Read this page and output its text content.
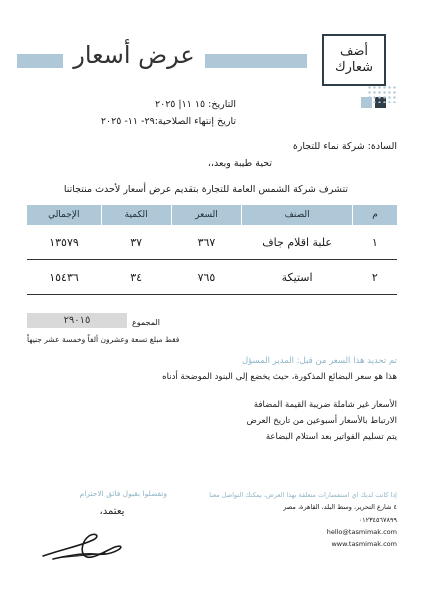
عرض أسعار	أضف
شعارك
التاريخ: ١٥ ١١| ٢٠٢٥
تاريخ إنتهاء الصلاحية:٢٩- ١١- ٢٠٢٥
السادة: شركة نماء للتجارة
تحية طيبة وبعد،،
تتشرف شركة الشمس العامة للتجارة بتقديم عرض أسعار لأحدث منتجاتنا
م	الصنف	السعر	الكمية	الإجمالي
١	علبة اقلام جاف	٣٦٧	٣٧	١٣٥٧٩
٢	استيكة	٧٦٥	٣٤	١٥٤٣٦
المجموع
٢٩٠١٥
فقط مبلغ تسعة وعشرون ألفاً وخمسة عشر جنيهاً
تم تحديد هذا السعر من قبل: المدير المسؤل
هذا هو سعر البضائع المذكورة، حيث يخضع إلى البنود الموضحة أدناه
الأسعار غير شاملة ضريبة القيمة المضافة
الارتباط بالأسعار أسبوعين من تاريخ العرض
يتم تسليم الفواتير بعد استلام البضاعة
وتفضلوا بقبول فائق الاحترام
يعتمد،
إذا كانت لديك اي استفسارات متعلقة بهذا العرض، يمكنك التواصل معنا
٤ شارع التحرير، وسط البلد، القاهرة، مصر
٠١٢٣٤٥٦٧٨٩٩
hello@tasmimak.com
www.tasmimak.com
